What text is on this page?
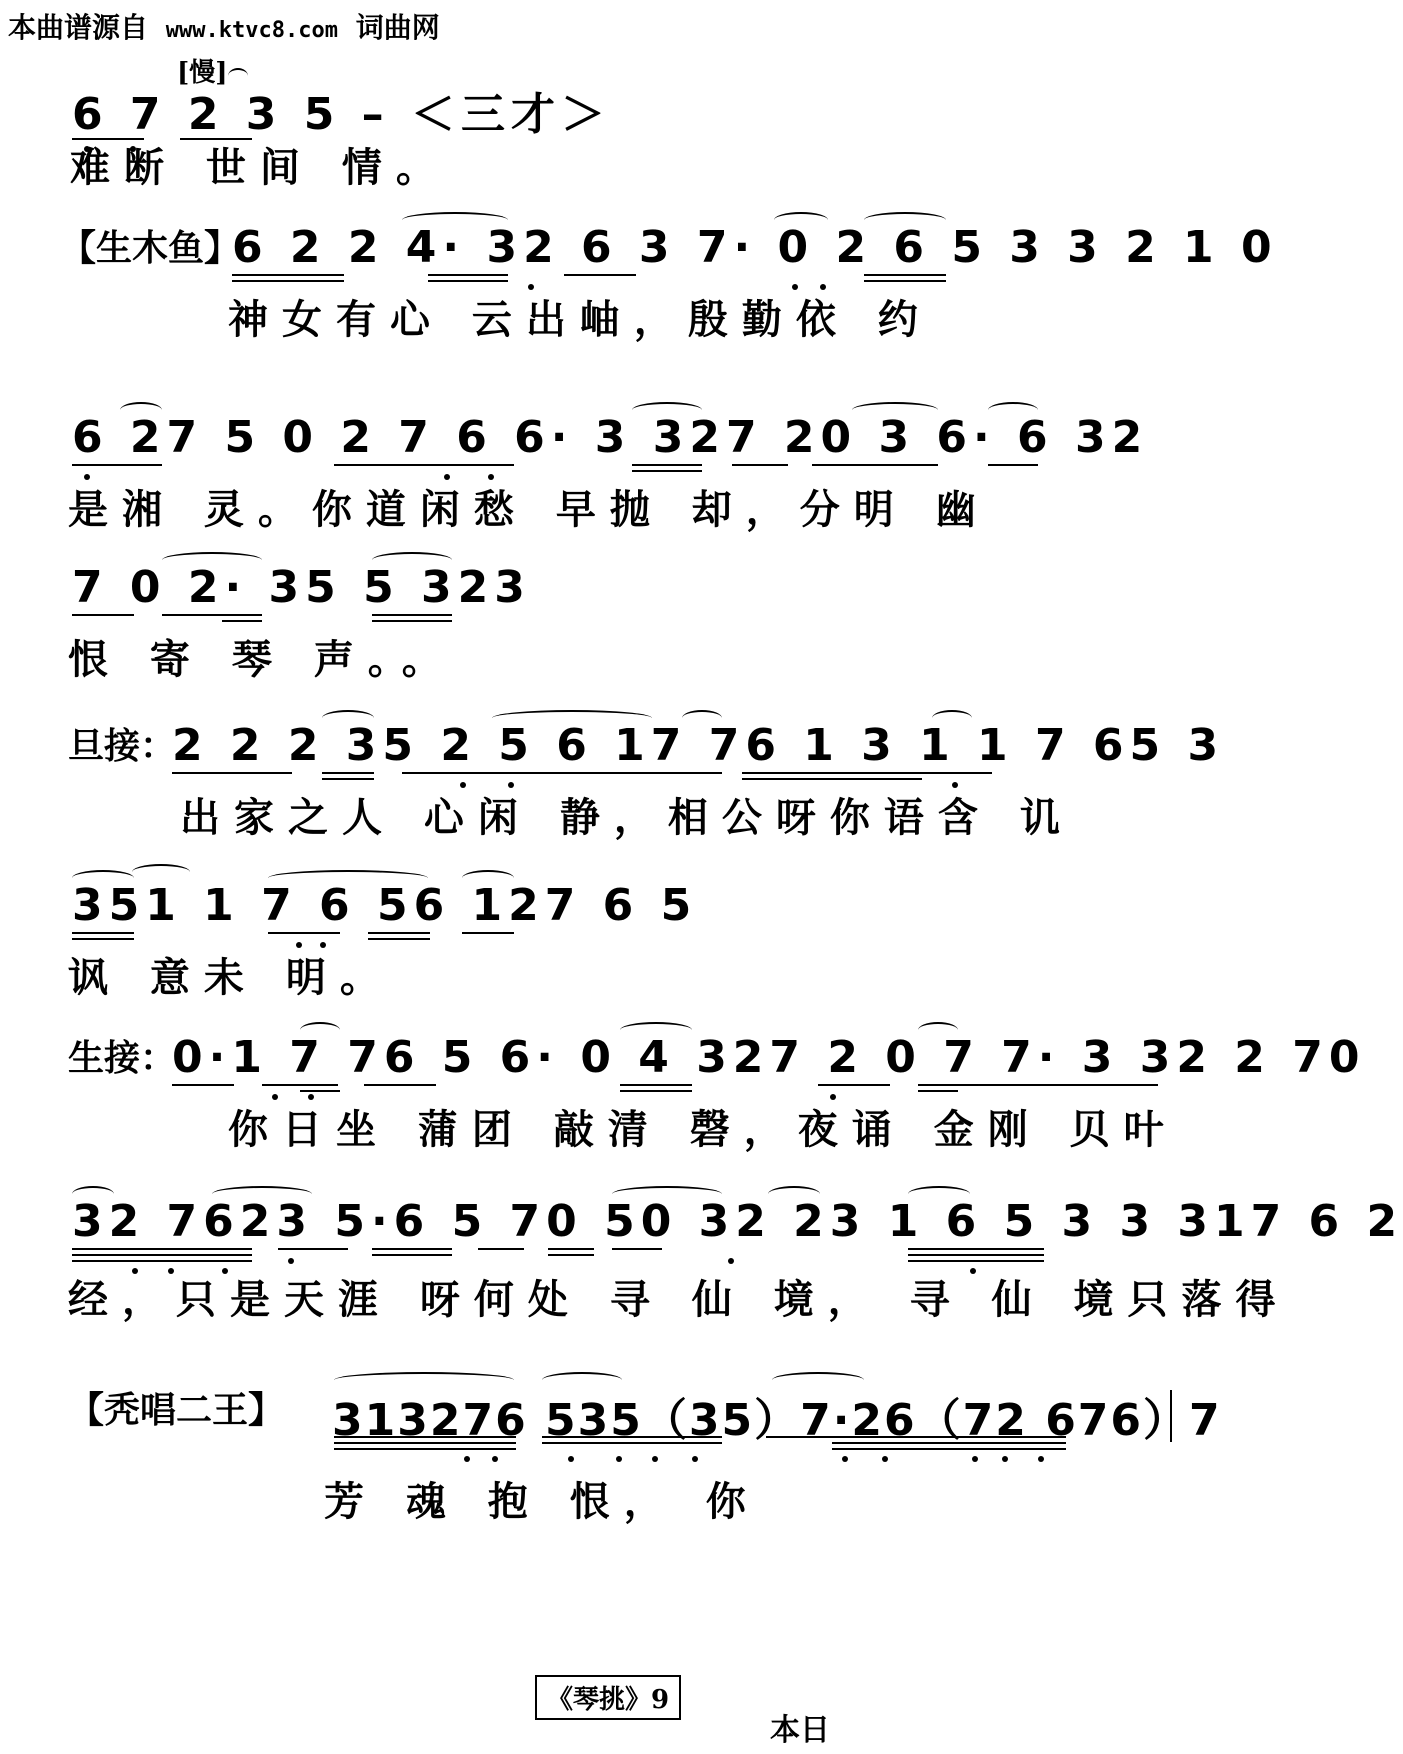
本曲谱源自 www.ktvc8.com 词曲网
[慢]
6 7 2 3 5 – ＜三才＞
难断 世间 情。
【生木鱼】
6 2 2 4· 32 6 3 7· 0 2 6 5 3 3 2 1 0
神女有心 云出岫，殷勤依 约
6 27 5 0 2 7 6 6· 3 327 20 3 6· 6 32
是湘 灵。你道闲愁 早抛 却，分明 幽
7 0 2· 35 5 323
恨 寄 琴 声。。
旦接：
2 2 2 35 2 5 6 17 76 1 3 1 1 7 65 3
出家之人 心闲 静，相公呀你语含 讥
351 1 7 6 56 127 6 5
讽 意未 明。
生接：
0·1 7 76 5 6· 0 4 327 2 0 7 7· 3 32 2 70
你日坐 蒲团 敲清 磬，夜诵 金刚 贝叶
32 7623 5·6 5 70 50 32 23 1 6 5 3 3 317 6 2
经，只是天涯 呀何处 寻 仙 境， 寻 仙 境只落得
【秃唱二王】 313276 535（35）7·26（72 676）7
芳 魂 抱 恨， 你
《琴挑》9
本日
